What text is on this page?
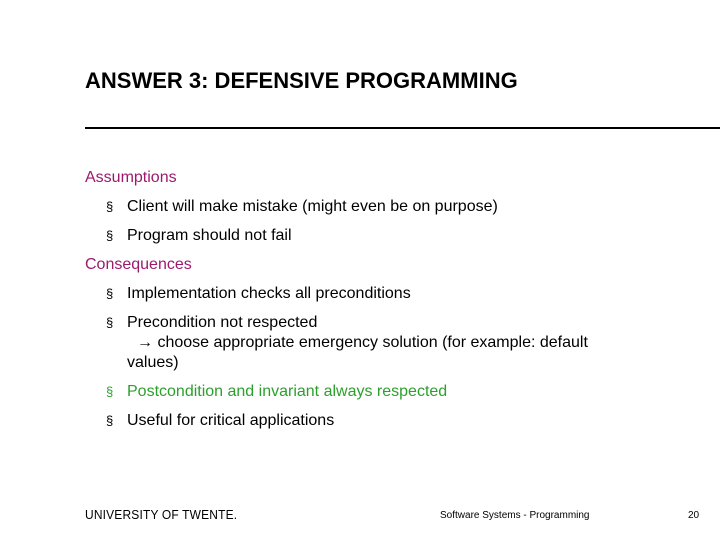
ANSWER 3: DEFENSIVE PROGRAMMING

Assumptions

§ Client will make mistake (might even be on purpose)

§ Program should not fail

Consequences

§ Implementation checks all preconditions

§ Precondition not respected
→ choose appropriate emergency solution (for example: default
values)

§ Postcondition and invariant always respected

§ Useful for critical applications

UNIVERSITY OF TWENTE.	Software Systems - Programming	20
